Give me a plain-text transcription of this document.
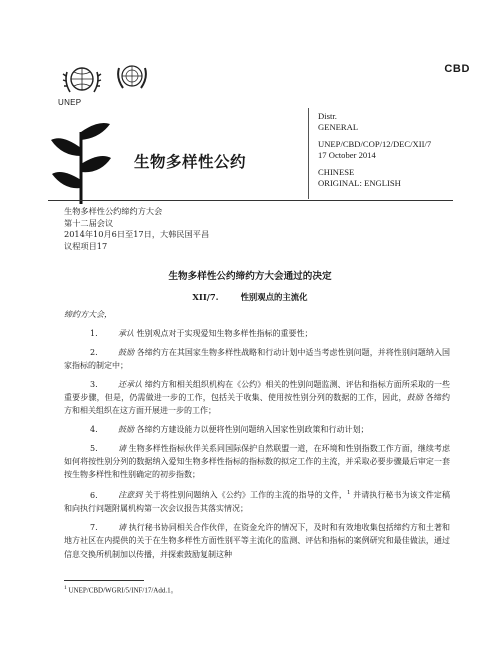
UNEP
CBD
生物多样性公约
Distr.
GENERAL
UNEP/CBD/COP/12/DEC/XII/7
17 October 2014
CHINESE
ORIGINAL: ENGLISH
生物多样性公约缔约方大会
第十二届会议
2014年10月6日至17日，大韩民国平昌
议程项目17
生物多样性公约缔约方大会通过的决定
XII/7.	性别观点的主流化

缔约方大会，

1.	承认 性别观点对于实现爱知生物多样性指标的重要性；

2.	鼓励 各缔约方在其国家生物多样性战略和行动计划中适当考虑性别问题，并将性别问题纳入国家指标的制定中；

3.	还承认 缔约方和相关组织机构在《公约》相关的性别问题监测、评估和指标方面所采取的一些重要步骤，但是，仍需做进一步的工作，包括关于收集、使用按性别分列的数据的工作，因此，鼓励 各缔约方和相关组织在这方面开展进一步的工作；

4.	鼓励 各缔约方建设能力以便将性别问题纳入国家性别政策和行动计划；

5.	请 生物多样性指标伙伴关系同国际保护自然联盟一道，在环境和性别指数工作方面，继续考虑如何将按性别分列的数据纳入爱知生物多样性指标的指标数的拟定工作的主流，并采取必要步骤最后审定一套按生物多样性和性别确定的初步指数；

6.	注意到 关于将性别问题纳入《公约》工作的主流的指导的文件，$^1$ 并请执行秘书为该文件定稿和向执行问题附属机构第一次会议报告其落实情况；

7.	请 执行秘书协同相关合作伙伴，在资金允许的情况下，及时和有效地收集包括缔约方和土著和地方社区在内提供的关于在生物多样性方面性别平等主流化的监测、评估和指标的案例研究和最佳做法，通过信息交换所机制加以传播，并探索鼓励复制这种

$^1$ UNEP/CBD/WGRI/5/INF/17/Add.1。
